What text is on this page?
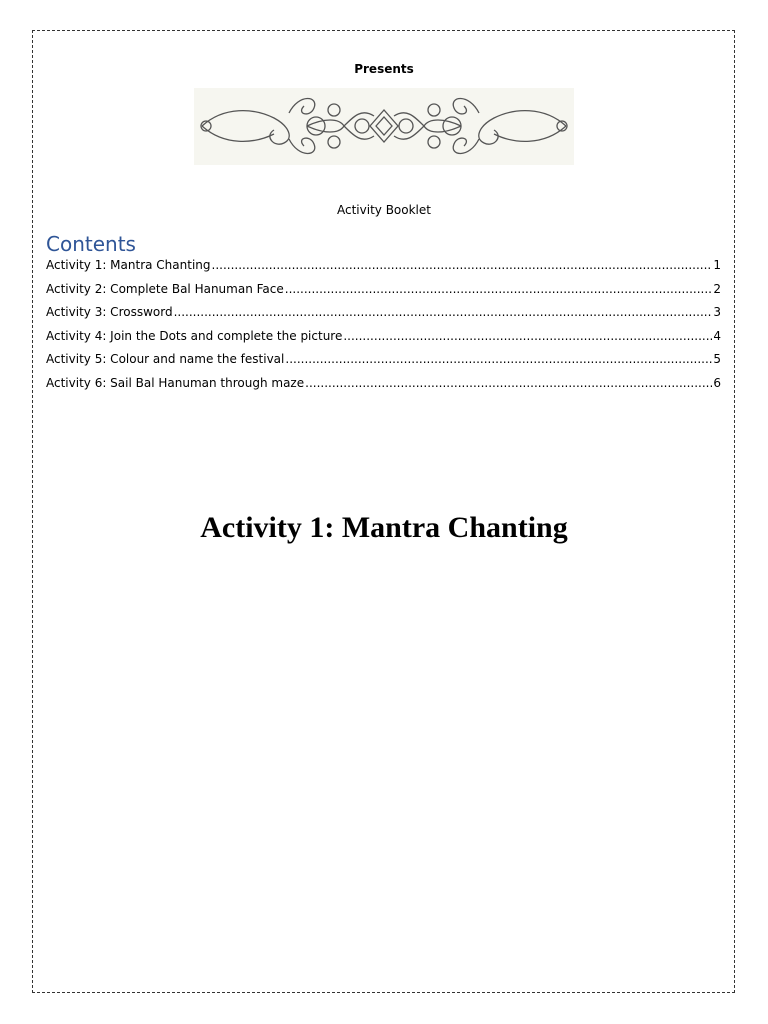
Presents
Activity Booklet
Contents
Activity 1: Mantra Chanting .....	1
Activity 2: Complete Bal Hanuman Face .....	2
Activity 3: Crossword .....	3
Activity 4: Join the Dots and complete the picture .....	4
Activity 5: Colour and name the festival .....	5
Activity 6: Sail Bal Hanuman through maze .....	6
Activity 1: Mantra Chanting
